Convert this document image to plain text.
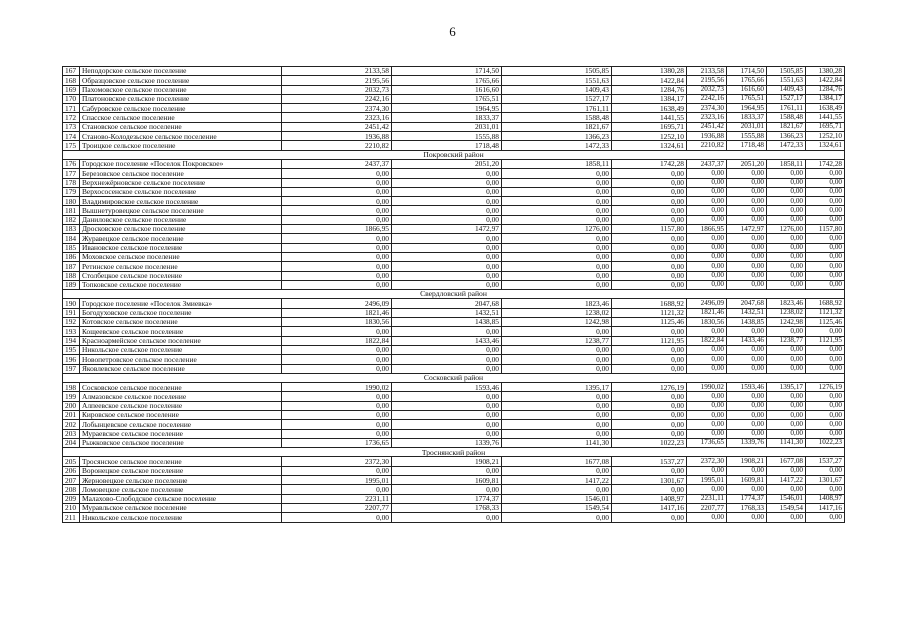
6
167	Неподорское сельское поселение	2133,58	1714,50	1505,85	1380,28	2133,58	1714,50	1505,85	1380,28
168	Образцовское сельское поселение	2195,56	1765,66	1551,63	1422,84	2195,56	1765,66	1551,63	1422,84
169	Пахомовское сельское поселение	2032,73	1616,60	1409,43	1284,76	2032,73	1616,60	1409,43	1284,76
170	Платоновское сельское поселение	2242,16	1765,51	1527,17	1384,17	2242,16	1765,51	1527,17	1384,17
171	Сабуровское сельское поселение	2374,30	1964,95	1761,11	1638,49	2374,30	1964,95	1761,11	1638,49
172	Спасское сельское поселение	2323,16	1833,37	1588,48	1441,55	2323,16	1833,37	1588,48	1441,55
173	Становское сельское поселение	2451,42	2031,01	1821,67	1695,71	2451,42	2031,01	1821,67	1695,71
174	Станово-Колодезьское сельское поселение	1936,88	1555,88	1366,23	1252,10	1936,88	1555,88	1366,23	1252,10
175	Троицкое сельское поселение	2210,82	1718,48	1472,33	1324,61	2210,82	1718,48	1472,33	1324,61
Покровский район									
176	Городское поселение «Поселок Покровское»	2437,37	2051,20	1858,11	1742,28	2437,37	2051,20	1858,11	1742,28
177	Березовское сельское поселение	0,00	0,00	0,00	0,00	0,00	0,00	0,00	0,00
178	Верхнежёрновское сельское поселение	0,00	0,00	0,00	0,00	0,00	0,00	0,00	0,00
179	Верхососенское сельское поселение	0,00	0,00	0,00	0,00	0,00	0,00	0,00	0,00
180	Владимировское сельское поселение	0,00	0,00	0,00	0,00	0,00	0,00	0,00	0,00
181	Вышнетуровецкое сельское поселение	0,00	0,00	0,00	0,00	0,00	0,00	0,00	0,00
182	Даниловское сельское поселение	0,00	0,00	0,00	0,00	0,00	0,00	0,00	0,00
183	Дросковское сельское поселение	1866,95	1472,97	1276,00	1157,80	1866,95	1472,97	1276,00	1157,80
184	Журавецкое сельское поселение	0,00	0,00	0,00	0,00	0,00	0,00	0,00	0,00
185	Ивановское сельское поселение	0,00	0,00	0,00	0,00	0,00	0,00	0,00	0,00
186	Моховское сельское поселение	0,00	0,00	0,00	0,00	0,00	0,00	0,00	0,00
187	Ретинское сельское поселение	0,00	0,00	0,00	0,00	0,00	0,00	0,00	0,00
188	Столбецкое сельское поселение	0,00	0,00	0,00	0,00	0,00	0,00	0,00	0,00
189	Топковское сельское поселение	0,00	0,00	0,00	0,00	0,00	0,00	0,00	0,00
Свердловский район									
190	Городское поселение «Поселок Змиевка»	2496,09	2047,68	1823,46	1688,92	2496,09	2047,68	1823,46	1688,92
191	Богодуховское сельское поселение	1821,46	1432,51	1238,02	1121,32	1821,46	1432,51	1238,02	1121,32
192	Котовское сельское поселение	1830,56	1438,85	1242,98	1125,46	1830,56	1438,85	1242,98	1125,46
193	Кощеевское сельское поселение	0,00	0,00	0,00	0,00	0,00	0,00	0,00	0,00
194	Красноармейское сельское поселение	1822,84	1433,46	1238,77	1121,95	1822,84	1433,46	1238,77	1121,95
195	Никольское сельское поселение	0,00	0,00	0,00	0,00	0,00	0,00	0,00	0,00
196	Новопетровское сельское поселение	0,00	0,00	0,00	0,00	0,00	0,00	0,00	0,00
197	Яковлевское сельское поселение	0,00	0,00	0,00	0,00	0,00	0,00	0,00	0,00
Сосковский район									
198	Сосковское сельское поселение	1990,02	1593,46	1395,17	1276,19	1990,02	1593,46	1395,17	1276,19
199	Алмазовское сельское поселение	0,00	0,00	0,00	0,00	0,00	0,00	0,00	0,00
200	Алпеевское сельское поселение	0,00	0,00	0,00	0,00	0,00	0,00	0,00	0,00
201	Кировское сельское поселение	0,00	0,00	0,00	0,00	0,00	0,00	0,00	0,00
202	Лобынцевское сельское поселение	0,00	0,00	0,00	0,00	0,00	0,00	0,00	0,00
203	Мураевское сельское поселение	0,00	0,00	0,00	0,00	0,00	0,00	0,00	0,00
204	Рыжковское сельское поселение	1736,65	1339,76	1141,30	1022,23	1736,65	1339,76	1141,30	1022,23
Троснянский район									
205	Тросянское сельское поселение	2372,30	1908,21	1677,08	1537,27	2372,30	1908,21	1677,08	1537,27
206	Воронецкое сельское поселение	0,00	0,00	0,00	0,00	0,00	0,00	0,00	0,00
207	Жерновецкое сельское поселение	1995,01	1609,81	1417,22	1301,67	1995,01	1609,81	1417,22	1301,67
208	Ломовецкое сельское поселение	0,00	0,00	0,00	0,00	0,00	0,00	0,00	0,00
209	Малахово-Слободское сельское поселение	2231,11	1774,37	1546,01	1408,97	2231,11	1774,37	1546,01	1408,97
210	Муравльское сельское поселение	2207,77	1768,33	1549,54	1417,16	2207,77	1768,33	1549,54	1417,16
211	Никольское сельское поселение	0,00	0,00	0,00	0,00	0,00	0,00	0,00	0,00
